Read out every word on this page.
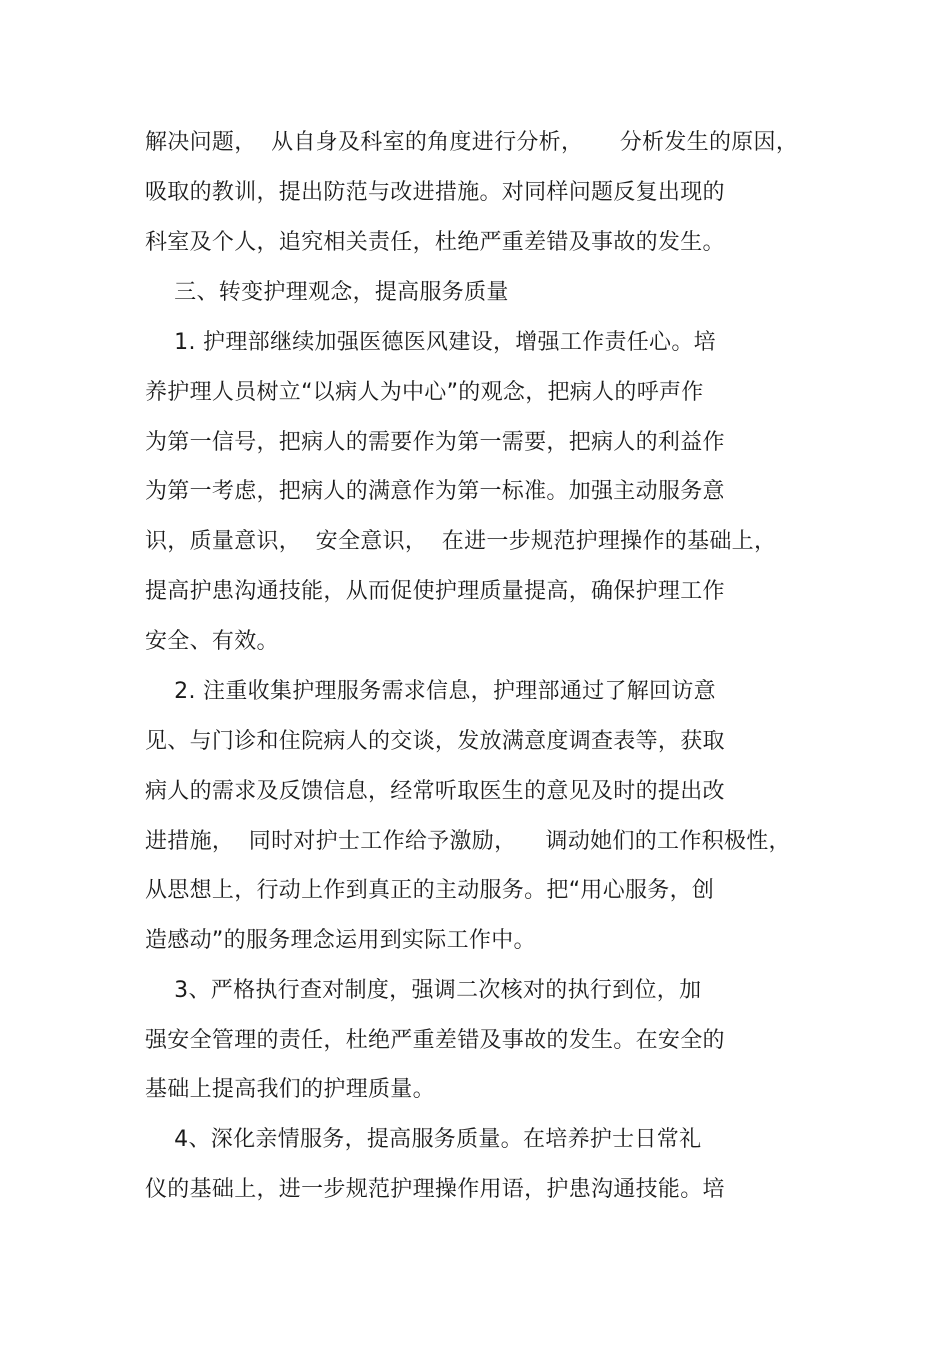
解决问题，  从自身及科室的角度进行分析，     分析发生的原因，
吸取的教训，提出防范与改进措施。对同样问题反复出现的
科室及个人，追究相关责任，杜绝严重差错及事故的发生。
三、转变护理观念，提高服务质量
1. 护理部继续加强医德医风建设，增强工作责任心。培
养护理人员树立“以病人为中心”的观念，把病人的呼声作
为第一信号，把病人的需要作为第一需要，把病人的利益作
为第一考虑，把病人的满意作为第一标准。加强主动服务意
识，质量意识，  安全意识，  在进一步规范护理操作的基础上，
提高护患沟通技能，从而促使护理质量提高，确保护理工作
安全、有效。
2. 注重收集护理服务需求信息，护理部通过了解回访意
见、与门诊和住院病人的交谈，发放满意度调查表等，获取
病人的需求及反馈信息，经常听取医生的意见及时的提出改
进措施，  同时对护士工作给予激励，    调动她们的工作积极性，
从思想上，行动上作到真正的主动服务。把“用心服务，创
造感动”的服务理念运用到实际工作中。
3、严格执行查对制度，强调二次核对的执行到位，加
强安全管理的责任，杜绝严重差错及事故的发生。在安全的
基础上提高我们的护理质量。
4、深化亲情服务，提高服务质量。在培养护士日常礼
仪的基础上，进一步规范护理操作用语，护患沟通技能。培
